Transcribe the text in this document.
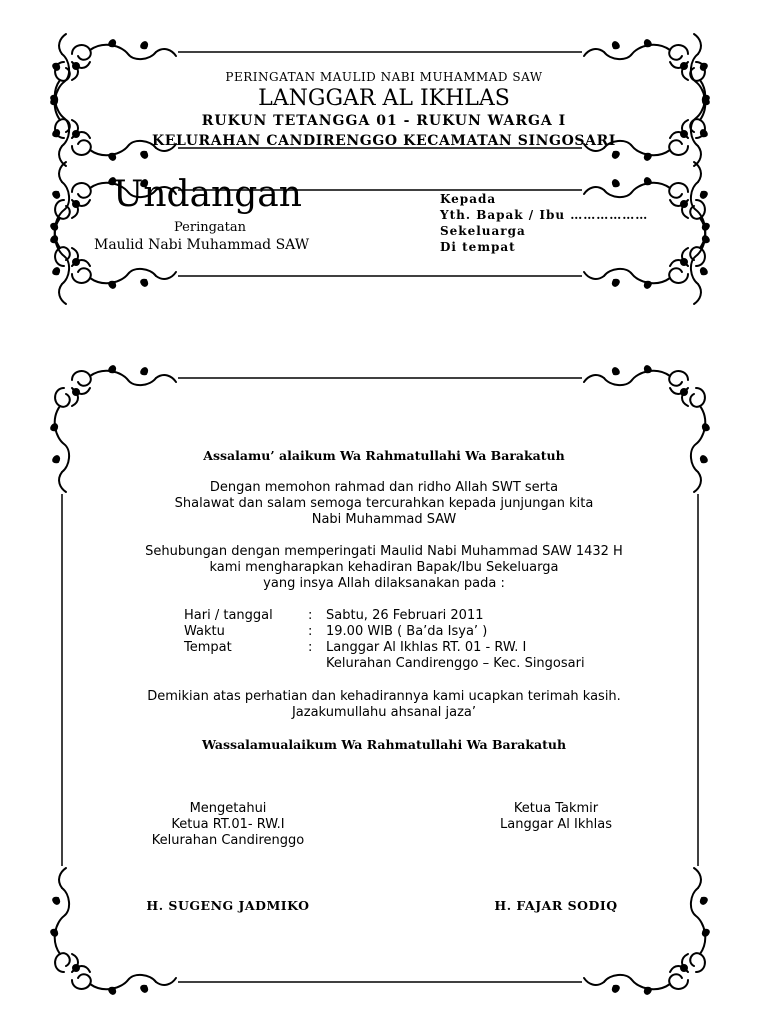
PERINGATAN MAULID NABI MUHAMMAD SAW
LANGGAR AL IKHLAS
RUKUN TETANGGA 01 - RUKUN WARGA I
KELURAHAN CANDIRENGGO KECAMATAN SINGOSARI
Undangan
Peringatan
Maulid Nabi Muhammad SAW
Kepada
Yth. Bapak / Ibu ………………
Sekeluarga
Di tempat
Assalamu’ alaikum Wa Rahmatullahi Wa Barakatuh
Dengan memohon rahmad dan ridho Allah SWT serta
Shalawat dan salam semoga tercurahkan kepada junjungan kita
Nabi Muhammad SAW
Sehubungan dengan memperingati Maulid Nabi Muhammad SAW 1432 H
kami mengharapkan kehadiran Bapak/Ibu Sekeluarga
yang insya Allah dilaksanakan pada :
Hari / tanggal	: Sabtu, 26 Februari 2011
Waktu	: 19.00 WIB ( Ba’da Isya’ )
Tempat	: Langgar Al Ikhlas RT. 01 - RW. I
Kelurahan Candirenggo – Kec. Singosari
Demikian atas perhatian dan kehadirannya kami ucapkan terimah kasih.
Jazakumullahu ahsanal jaza’
Wassalamualaikum Wa Rahmatullahi Wa Barakatuh
Mengetahui
Ketua RT.01- RW.I
Kelurahan Candirenggo
Ketua Takmir
Langgar Al Ikhlas
H. SUGENG JADMIKO	H. FAJAR SODIQ
